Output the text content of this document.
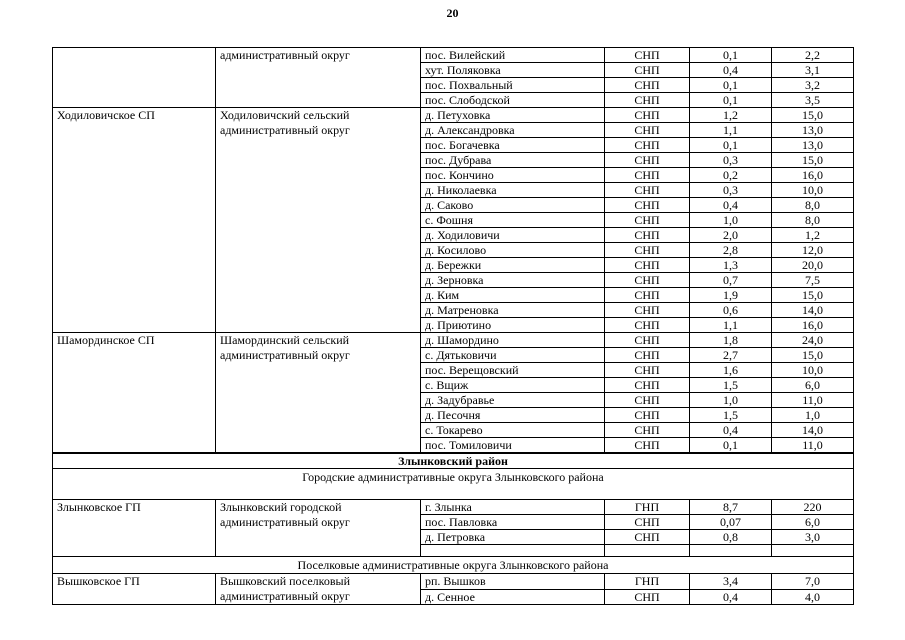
20
	административный округ	пос. Вилейский	СНП	0,1	2,2
		хут. Поляковка	СНП	0,4	3,1
		пос. Похвальный	СНП	0,1	3,2
		пос. Слободской	СНП	0,1	3,5
Ходиловичское СП	Ходиловичский сельский административный округ	д. Петуховка	СНП	1,2	15,0
		д. Александровка	СНП	1,1	13,0
		пос. Богачевка	СНП	0,1	13,0
		пос. Дубрава	СНП	0,3	15,0
		пос. Кончино	СНП	0,2	16,0
		д. Николаевка	СНП	0,3	10,0
		д. Саково	СНП	0,4	8,0
		с. Фошня	СНП	1,0	8,0
		д. Ходиловичи	СНП	2,0	1,2
		д. Косилово	СНП	2,8	12,0
		д. Бережки	СНП	1,3	20,0
		д. Зерновка	СНП	0,7	7,5
		д. Ким	СНП	1,9	15,0
		д. Матреновка	СНП	0,6	14,0
		д. Приютино	СНП	1,1	16,0
Шамординское СП	Шамординский сельский административный округ	д. Шамордино	СНП	1,8	24,0
		с. Дятьковичи	СНП	2,7	15,0
		пос. Верещовский	СНП	1,6	10,0
		с. Вщиж	СНП	1,5	6,0
		д. Задубравье	СНП	1,0	11,0
		д. Песочня	СНП	1,5	1,0
		с. Токарево	СНП	0,4	14,0
		пос. Томиловичи	СНП	0,1	11,0
Злынковский район					
Городские административные округа Злынковского района					
Злынковское ГП	Злынковский городской административный округ	г. Злынка	ГНП	8,7	220
		пос. Павловка	СНП	0,07	6,0
		д. Петровка	СНП	0,8	3,0

Поселковые административные округа Злынковского района					
Вышковское ГП	Вышковский поселковый административный округ	рп. Вышков	ГНП	3,4	7,0
		д. Сенное	СНП	0,4	4,0
